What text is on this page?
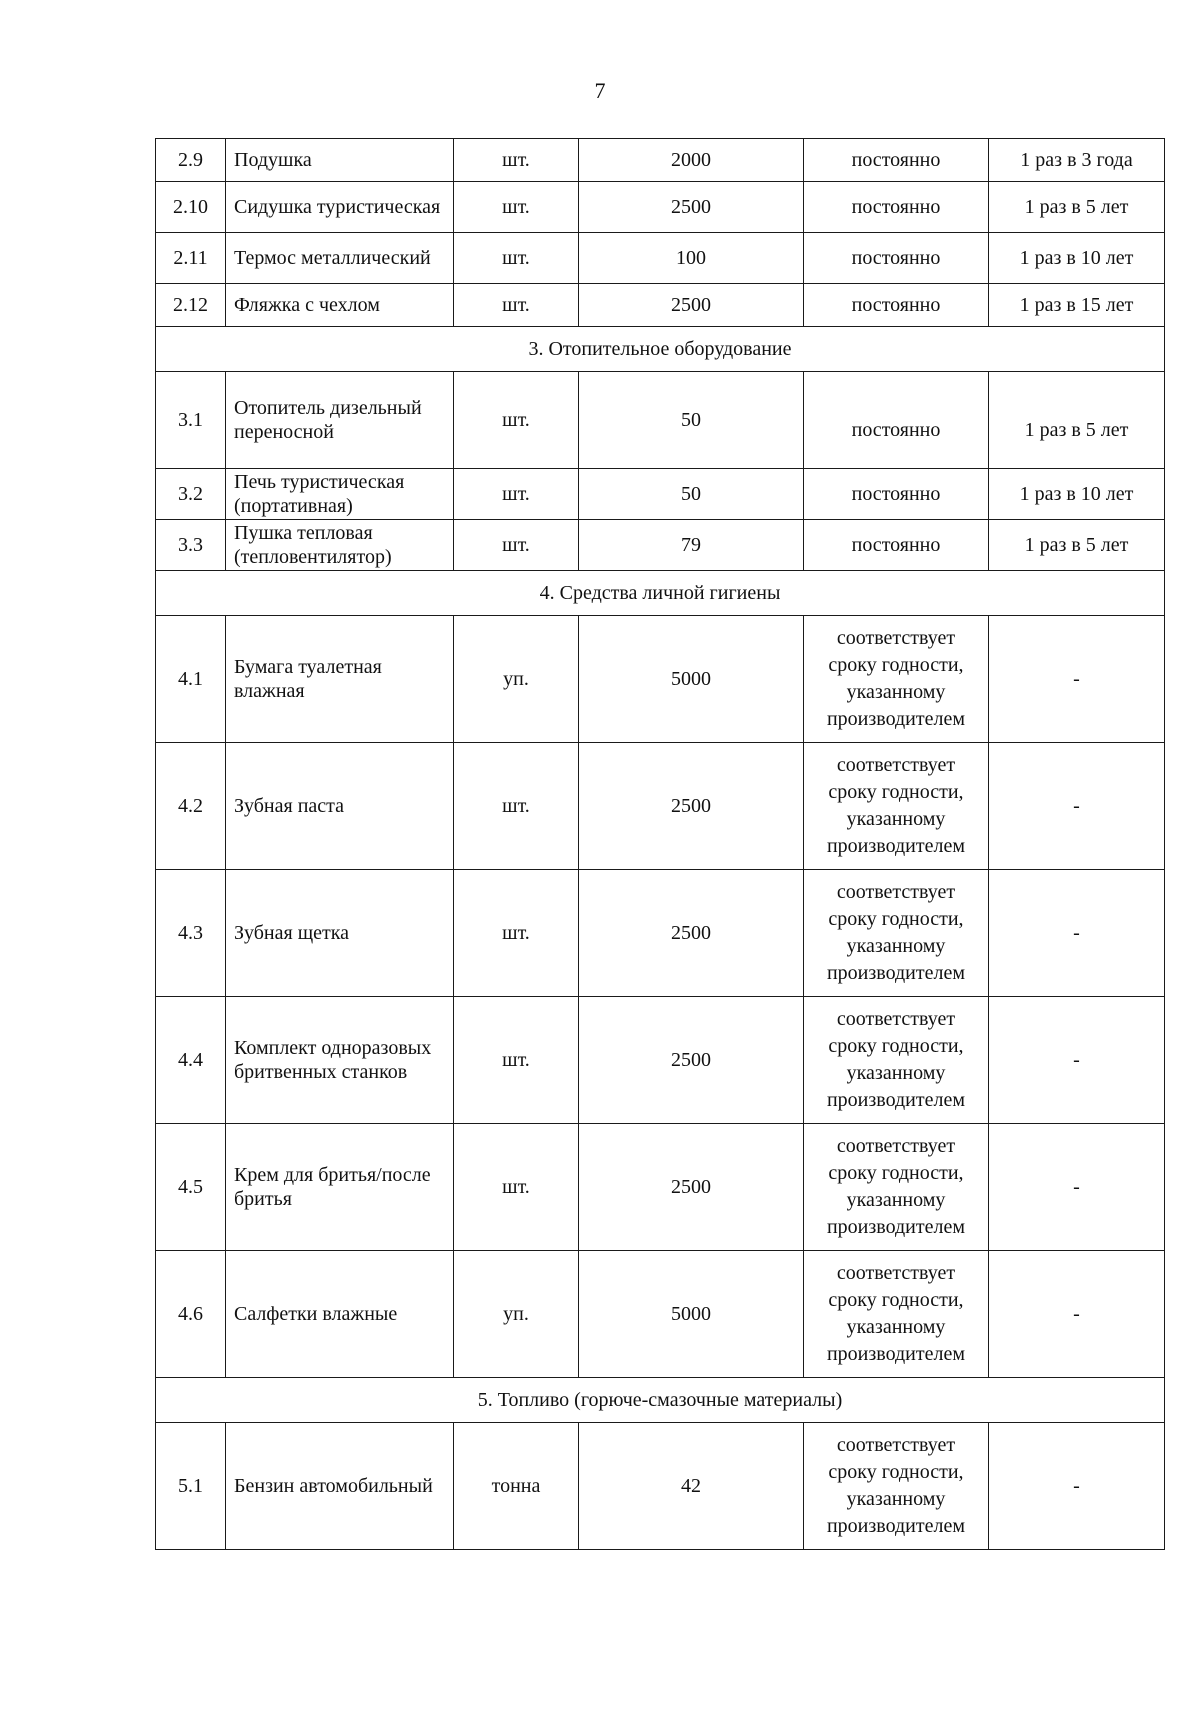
7
2.9	Подушка	шт.	2000	постоянно	1 раз в 3 года
2.10	Сидушка туристическая	шт.	2500	постоянно	1 раз в 5 лет
2.11	Термос металлический	шт.	100	постоянно	1 раз в 10 лет
2.12	Фляжка с чехлом	шт.	2500	постоянно	1 раз в 15 лет
3. Отопительное оборудование					
3.1	Отопитель дизельный переносной	шт.	50	постоянно	1 раз в 5 лет
3.2	Печь туристическая (портативная)	шт.	50	постоянно	1 раз в 10 лет
3.3	Пушка тепловая (тепловентилятор)	шт.	79	постоянно	1 раз в 5 лет
4. Средства личной гигиены					
4.1	Бумага туалетная влажная	уп.	5000	соответствует сроку годности, указанному производителем	-
4.2	Зубная паста	шт.	2500	соответствует сроку годности, указанному производителем	-
4.3	Зубная щетка	шт.	2500	соответствует сроку годности, указанному производителем	-
4.4	Комплект одноразовых бритвенных станков	шт.	2500	соответствует сроку годности, указанному производителем	-
4.5	Крем для бритья/после бритья	шт.	2500	соответствует сроку годности, указанному производителем	-
4.6	Салфетки влажные	уп.	5000	соответствует сроку годности, указанному производителем	-
5. Топливо (горюче-смазочные материалы)					
5.1	Бензин автомобильный	тонна	42	соответствует сроку годности, указанному производителем	-
